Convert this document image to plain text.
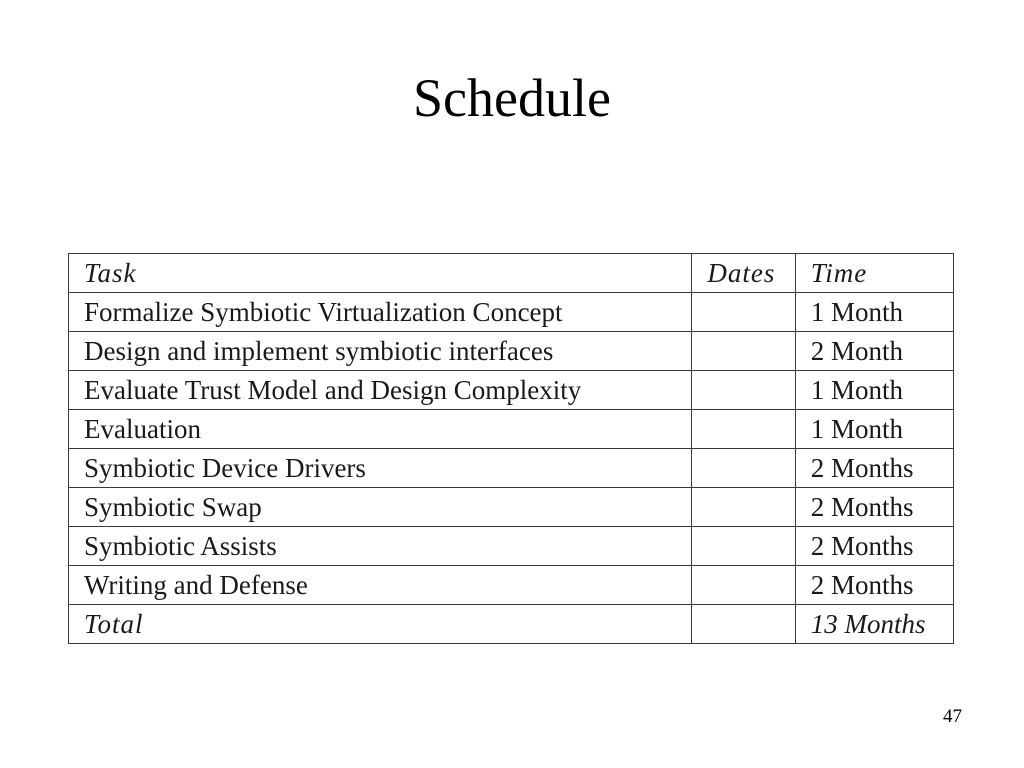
Schedule
Task	Dates	Time
Formalize Symbiotic Virtualization Concept		1 Month
Design and implement symbiotic interfaces		2 Month
Evaluate Trust Model and Design Complexity		1 Month
Evaluation		1 Month
Symbiotic Device Drivers		2 Months
Symbiotic Swap		2 Months
Symbiotic Assists		2 Months
Writing and Defense		2 Months
Total		13 Months
47
